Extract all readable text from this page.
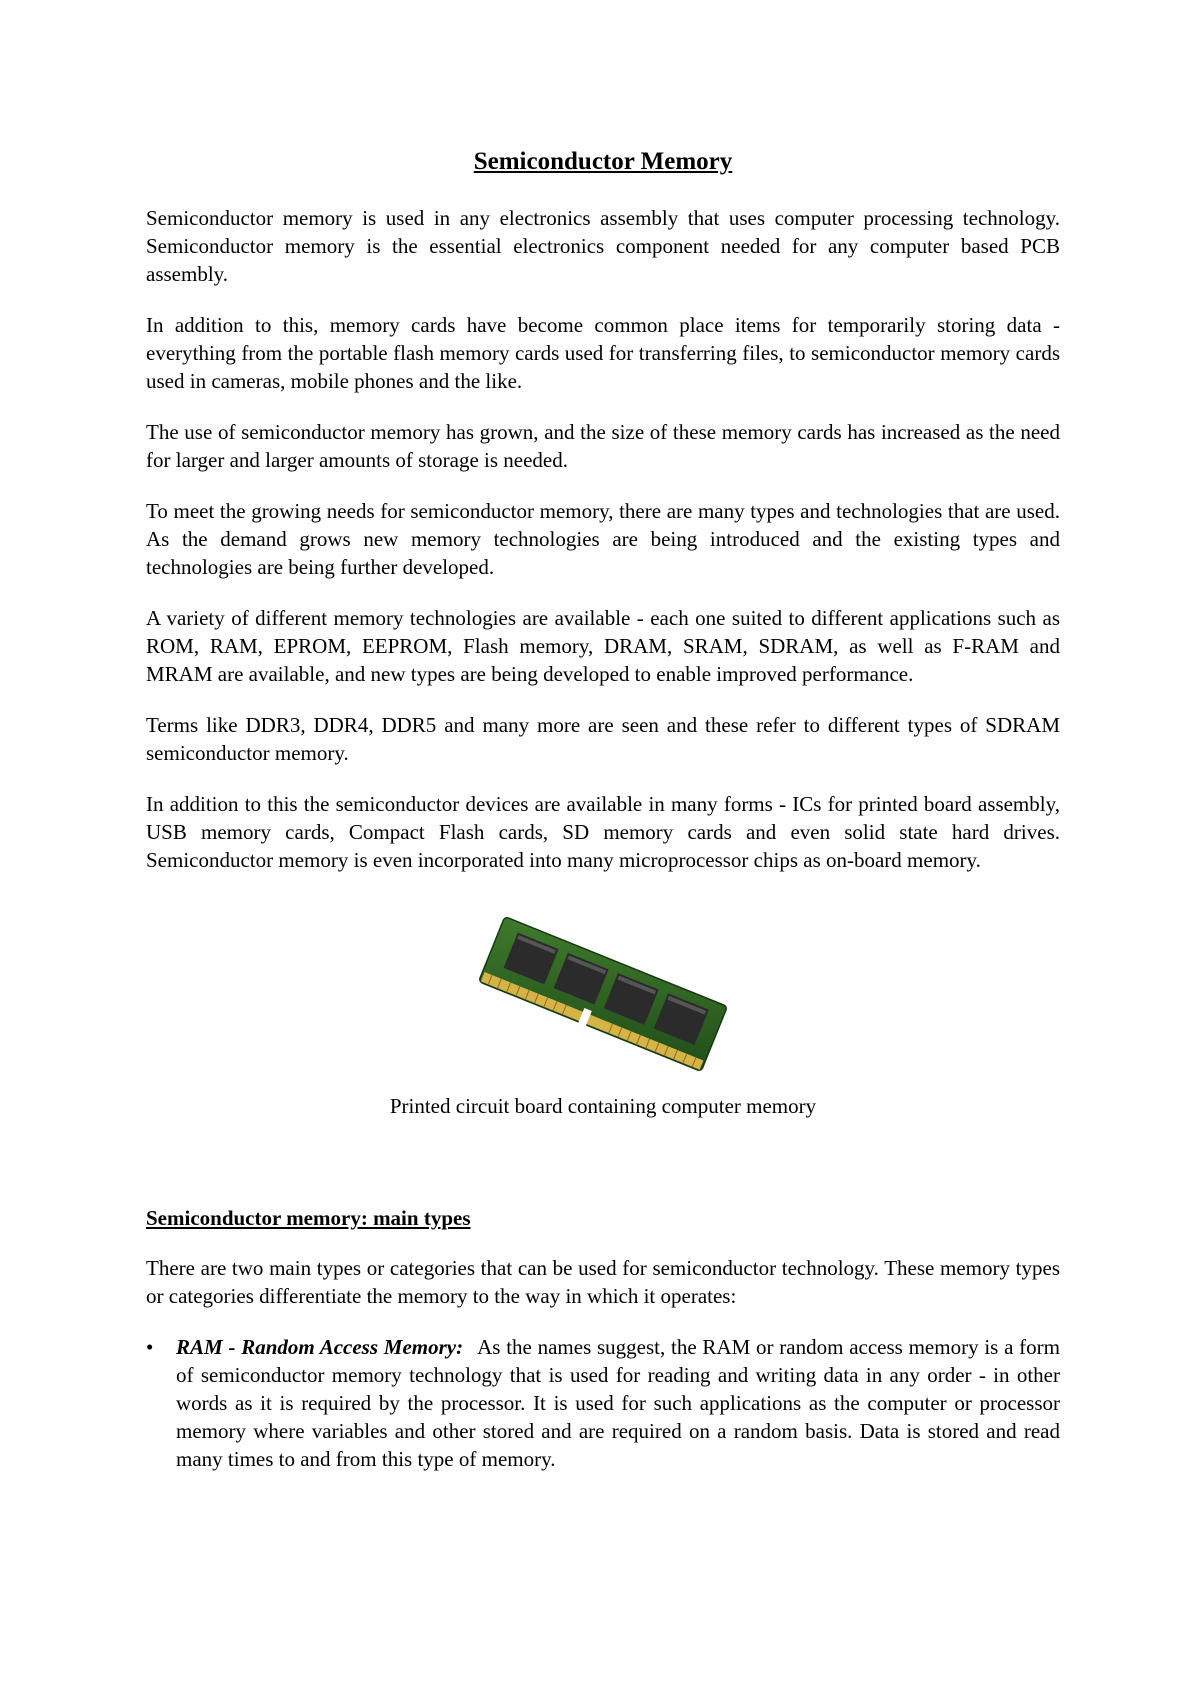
Semiconductor Memory

Semiconductor memory is used in any electronics assembly that uses computer processing technology. Semiconductor memory is the essential electronics component needed for any computer based PCB assembly.

In addition to this, memory cards have become common place items for temporarily storing data - everything from the portable flash memory cards used for transferring files, to semiconductor memory cards used in cameras, mobile phones and the like.

The use of semiconductor memory has grown, and the size of these memory cards has increased as the need for larger and larger amounts of storage is needed.

To meet the growing needs for semiconductor memory, there are many types and technologies that are used. As the demand grows new memory technologies are being introduced and the existing types and technologies are being further developed.

A variety of different memory technologies are available - each one suited to different applications such as ROM, RAM, EPROM, EEPROM, Flash memory, DRAM, SRAM, SDRAM, as well as F-RAM and MRAM are available, and new types are being developed to enable improved performance.

Terms like DDR3, DDR4, DDR5 and many more are seen and these refer to different types of SDRAM semiconductor memory.

In addition to this the semiconductor devices are available in many forms - ICs for printed board assembly, USB memory cards, Compact Flash cards, SD memory cards and even solid state hard drives. Semiconductor memory is even incorporated into many microprocessor chips as on-board memory.

Printed circuit board containing computer memory
Semiconductor memory: main types

There are two main types or categories that can be used for semiconductor technology. These memory types or categories differentiate the memory to the way in which it operates:

• RAM - Random Access Memory: As the names suggest, the RAM or random access memory is a form of semiconductor memory technology that is used for reading and writing data in any order - in other words as it is required by the processor. It is used for such applications as the computer or processor memory where variables and other stored and are required on a random basis. Data is stored and read many times to and from this type of memory.
